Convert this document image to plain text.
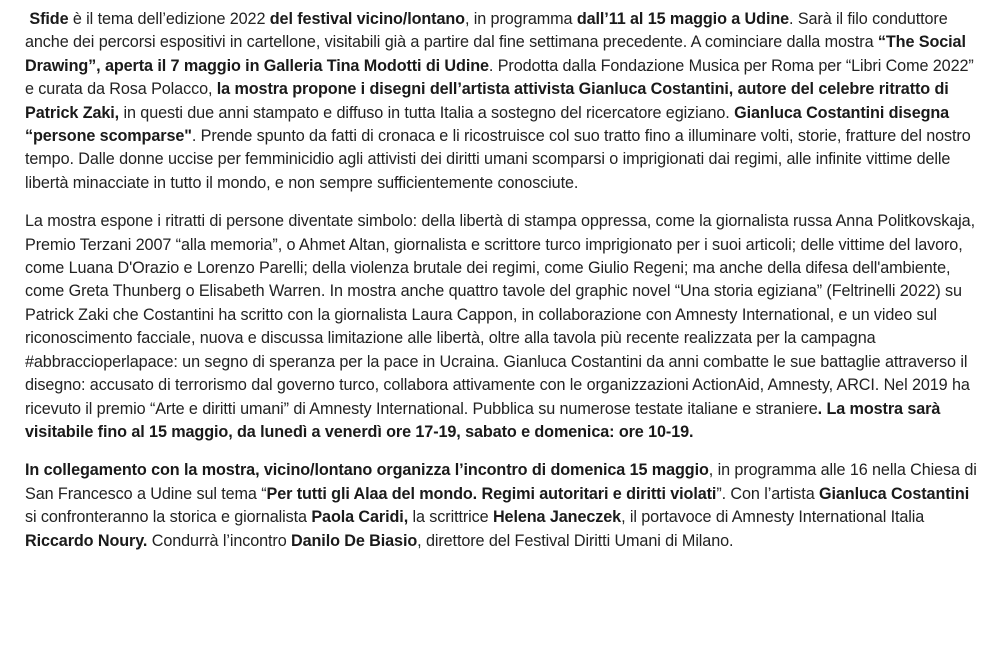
Sfide è il tema dell’edizione 2022 del festival vicino/lontano, in programma dall’11 al 15 maggio a Udine. Sarà il filo conduttore anche dei percorsi espositivi in cartellone, visitabili già a partire dal fine settimana precedente. A cominciare dalla mostra “The Social Drawing”, aperta il 7 maggio in Galleria Tina Modotti di Udine. Prodotta dalla Fondazione Musica per Roma per “Libri Come 2022” e curata da Rosa Polacco, la mostra propone i disegni dell’artista attivista Gianluca Costantini, autore del celebre ritratto di Patrick Zaki, in questi due anni stampato e diffuso in tutta Italia a sostegno del ricercatore egiziano. Gianluca Costantini disegna “persone scomparse". Prende spunto da fatti di cronaca e li ricostruisce col suo tratto fino a illuminare volti, storie, fratture del nostro tempo. Dalle donne uccise per femminicidio agli attivisti dei diritti umani scomparsi o imprigionati dai regimi, alle infinite vittime delle libertà minacciate in tutto il mondo, e non sempre sufficientemente conosciute.

La mostra espone i ritratti di persone diventate simbolo: della libertà di stampa oppressa, come la giornalista russa Anna Politkovskaja, Premio Terzani 2007 “alla memoria”, o Ahmet Altan, giornalista e scrittore turco imprigionato per i suoi articoli; delle vittime del lavoro, come Luana D'Orazio e Lorenzo Parelli; della violenza brutale dei regimi, come Giulio Regeni; ma anche della difesa dell'ambiente, come Greta Thunberg o Elisabeth Warren. In mostra anche quattro tavole del graphic novel “Una storia egiziana” (Feltrinelli 2022) su Patrick Zaki che Costantini ha scritto con la giornalista Laura Cappon, in collaborazione con Amnesty International, e un video sul riconoscimento facciale, nuova e discussa limitazione alle libertà, oltre alla tavola più recente realizzata per la campagna #abbraccioperlapace: un segno di speranza per la pace in Ucraina. Gianluca Costantini da anni combatte le sue battaglie attraverso il disegno: accusato di terrorismo dal governo turco, collabora attivamente con le organizzazioni ActionAid, Amnesty, ARCI. Nel 2019 ha ricevuto il premio “Arte e diritti umani” di Amnesty International. Pubblica su numerose testate italiane e straniere. La mostra sarà visitabile fino al 15 maggio, da lunedì a venerdì ore 17-19, sabato e domenica: ore 10-19.

In collegamento con la mostra, vicino/lontano organizza l’incontro di domenica 15 maggio, in programma alle 16 nella Chiesa di San Francesco a Udine sul tema “Per tutti gli Alaa del mondo. Regimi autoritari e diritti violati”. Con l’artista Gianluca Costantini si confronteranno la storica e giornalista Paola Caridi, la scrittrice Helena Janeczek, il portavoce di Amnesty International Italia Riccardo Noury. Condurrà l’incontro Danilo De Biasio, direttore del Festival Diritti Umani di Milano.
